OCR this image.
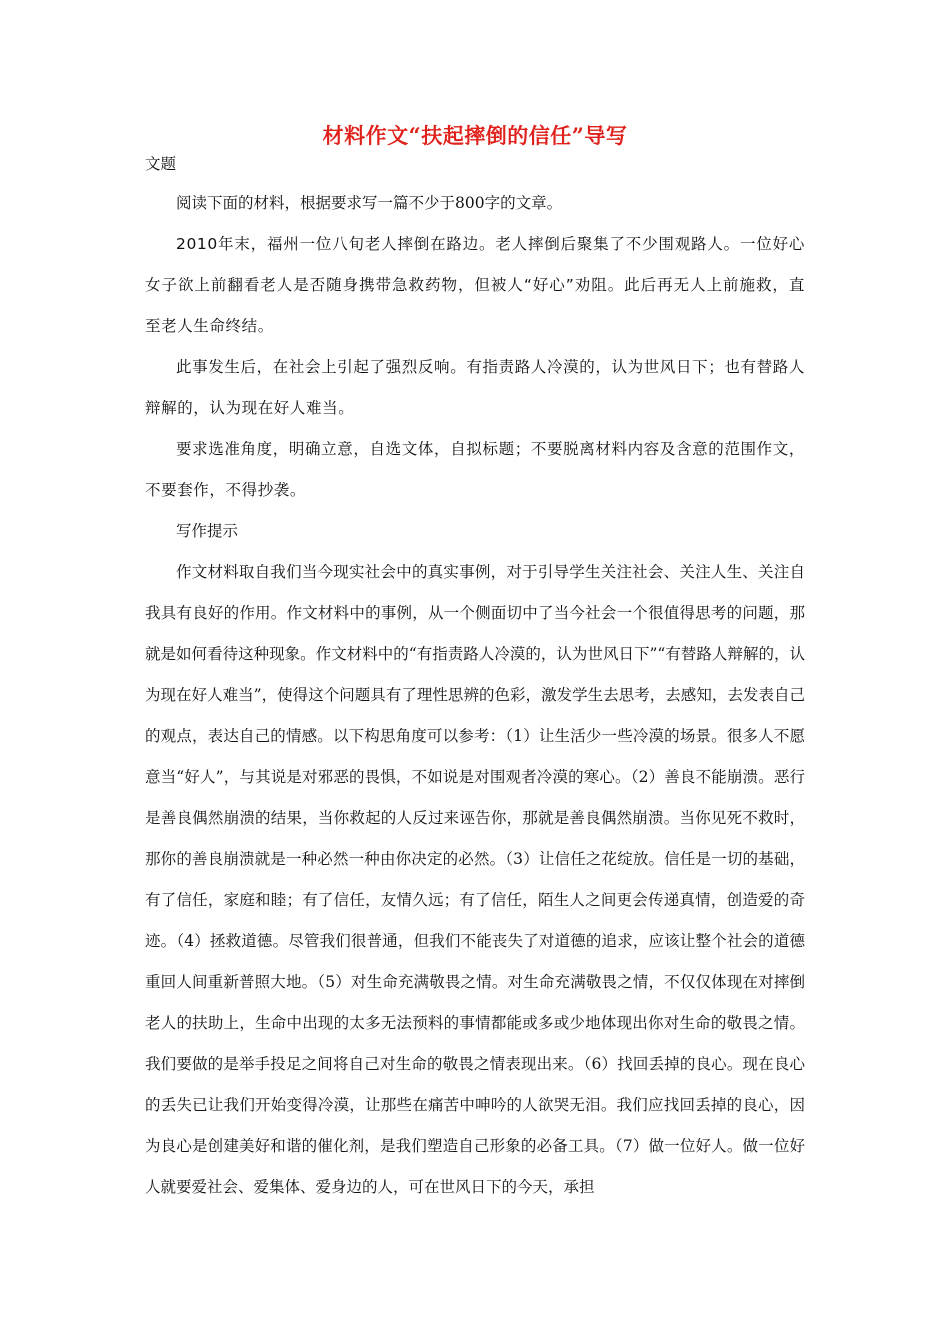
材料作文“扶起摔倒的信任”导写
文题

阅读下面的材料，根据要求写一篇不少于800字的文章。

2010年末，福州一位八旬老人摔倒在路边。老人摔倒后聚集了不少围观路人。一位好心女子欲上前翻看老人是否随身携带急救药物，但被人“好心”劝阻。此后再无人上前施救，直至老人生命终结。

此事发生后，在社会上引起了强烈反响。有指责路人冷漠的，认为世风日下；也有替路人辩解的，认为现在好人难当。

要求选准角度，明确立意，自选文体，自拟标题；不要脱离材料内容及含意的范围作文，不要套作，不得抄袭。

写作提示

作文材料取自我们当今现实社会中的真实事例，对于引导学生关注社会、关注人生、关注自我具有良好的作用。作文材料中的事例，从一个侧面切中了当今社会一个很值得思考的问题，那就是如何看待这种现象。作文材料中的“有指责路人冷漠的，认为世风日下”“有替路人辩解的，认为现在好人难当”，使得这个问题具有了理性思辨的色彩，激发学生去思考，去感知，去发表自己的观点，表达自己的情感。以下构思角度可以参考：（1）让生活少一些冷漠的场景。很多人不愿意当“好人”，与其说是对邪恶的畏惧，不如说是对围观者冷漠的寒心。（2）善良不能崩溃。恶行是善良偶然崩溃的结果，当你救起的人反过来诬告你，那就是善良偶然崩溃。当你见死不救时，那你的善良崩溃就是一种必然一种由你决定的必然。（3）让信任之花绽放。信任是一切的基础，有了信任，家庭和睦；有了信任，友情久远；有了信任，陌生人之间更会传递真情，创造爱的奇迹。（4）拯救道德。尽管我们很普通，但我们不能丧失了对道德的追求，应该让整个社会的道德重回人间重新普照大地。（5）对生命充满敬畏之情。对生命充满敬畏之情，不仅仅体现在对摔倒老人的扶助上，生命中出现的太多无法预料的事情都能或多或少地体现出你对生命的敬畏之情。我们要做的是举手投足之间将自己对生命的敬畏之情表现出来。（6）找回丢掉的良心。现在良心的丢失已让我们开始变得冷漠，让那些在痛苦中呻吟的人欲哭无泪。我们应找回丢掉的良心，因为良心是创建美好和谐的催化剂，是我们塑造自己形象的必备工具。（7）做一位好人。做一位好人就要爱社会、爱集体、爱身边的人，可在世风日下的今天，承担
